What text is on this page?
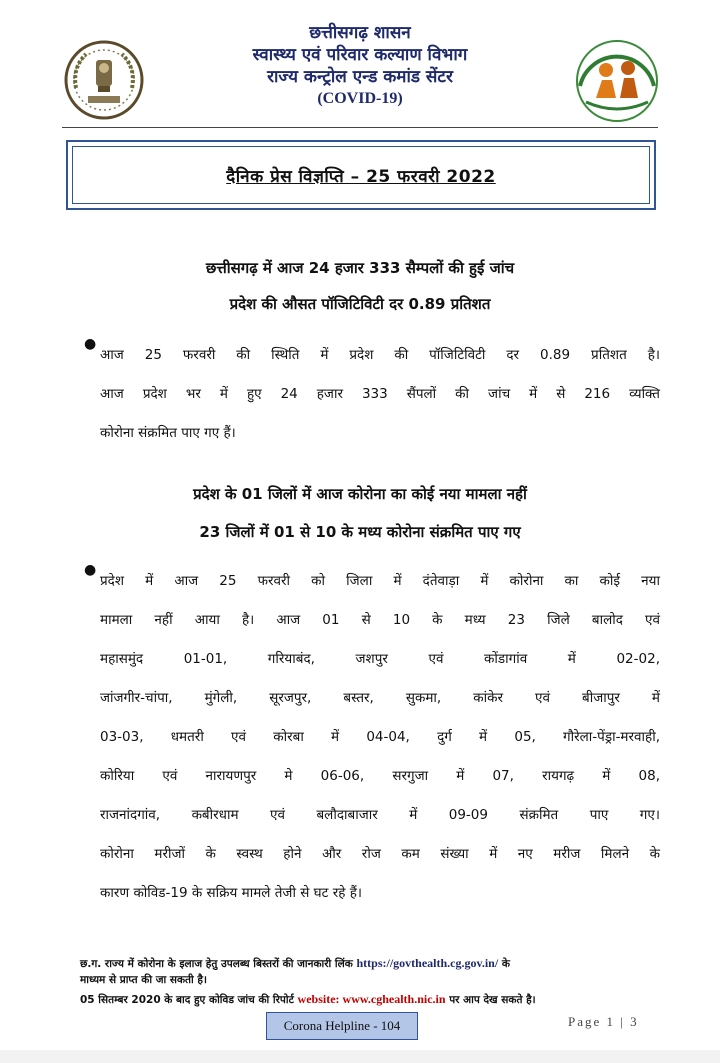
छत्तीसगढ़ शासन
स्वास्थ्य एवं परिवार कल्याण विभाग
राज्य कन्ट्रोल एन्ड कमांड सेंटर
(COVID-19)
दैनिक प्रेस विज्ञप्ति – 25 फरवरी 2022
छत्तीसगढ़ में आज 24 हजार 333 सैम्पलों की हुई जांच
प्रदेश की औसत पॉजिटिविटी दर 0.89 प्रतिशत
●
आज 25 फरवरी की स्थिति में प्रदेश की पॉजिटिविटी दर 0.89 प्रतिशत है।
आज प्रदेश भर में हुए 24 हजार 333 सैंपलों की जांच में से 216 व्यक्ति
कोरोना संक्रमित पाए गए हैं।
प्रदेश के 01 जिलों में आज कोरोना का कोई नया मामला नहीं
23 जिलों में 01 से 10 के मध्य कोरोना संक्रमित पाए गए
●
प्रदेश में आज 25 फरवरी को जिला में दंतेवाड़ा में कोरोना का कोई नया
मामला नहीं आया है। आज 01 से 10 के मध्य 23 जिले बालोद एवं
महासमुंद 01-01, गरियाबंद, जशपुर एवं कोंडागांव में 02-02,
जांजगीर-चांपा, मुंगेली, सूरजपुर, बस्तर, सुकमा, कांकेर एवं बीजापुर में
03-03, धमतरी एवं कोरबा में 04-04, दुर्ग में 05, गौरेला-पेंड्रा-मरवाही,
कोरिया एवं नारायणपुर मे 06-06, सरगुजा में 07, रायगढ़ में 08,
राजनांदगांव, कबीरधाम एवं बलौदाबाजार में 09-09 संक्रमित पाए गए।
कोरोना मरीजों के स्वस्थ होने और रोज कम संख्या में नए मरीज मिलने के
कारण कोविड-19 के सक्रिय मामले तेजी से घट रहे हैं।
छ.ग. राज्य में कोरोना के इलाज हेतु उपलब्ध बिस्तरों की जानकारी लिंक https://govthealth.cg.gov.in/ के
माध्यम से प्राप्त की जा सकती है।
05 सितम्बर 2020 के बाद हुए कोविड जांच की रिपोर्ट website: www.cghealth.nic.in पर आप देख सकते है।
Corona Helpline - 104	Page 1 | 3
